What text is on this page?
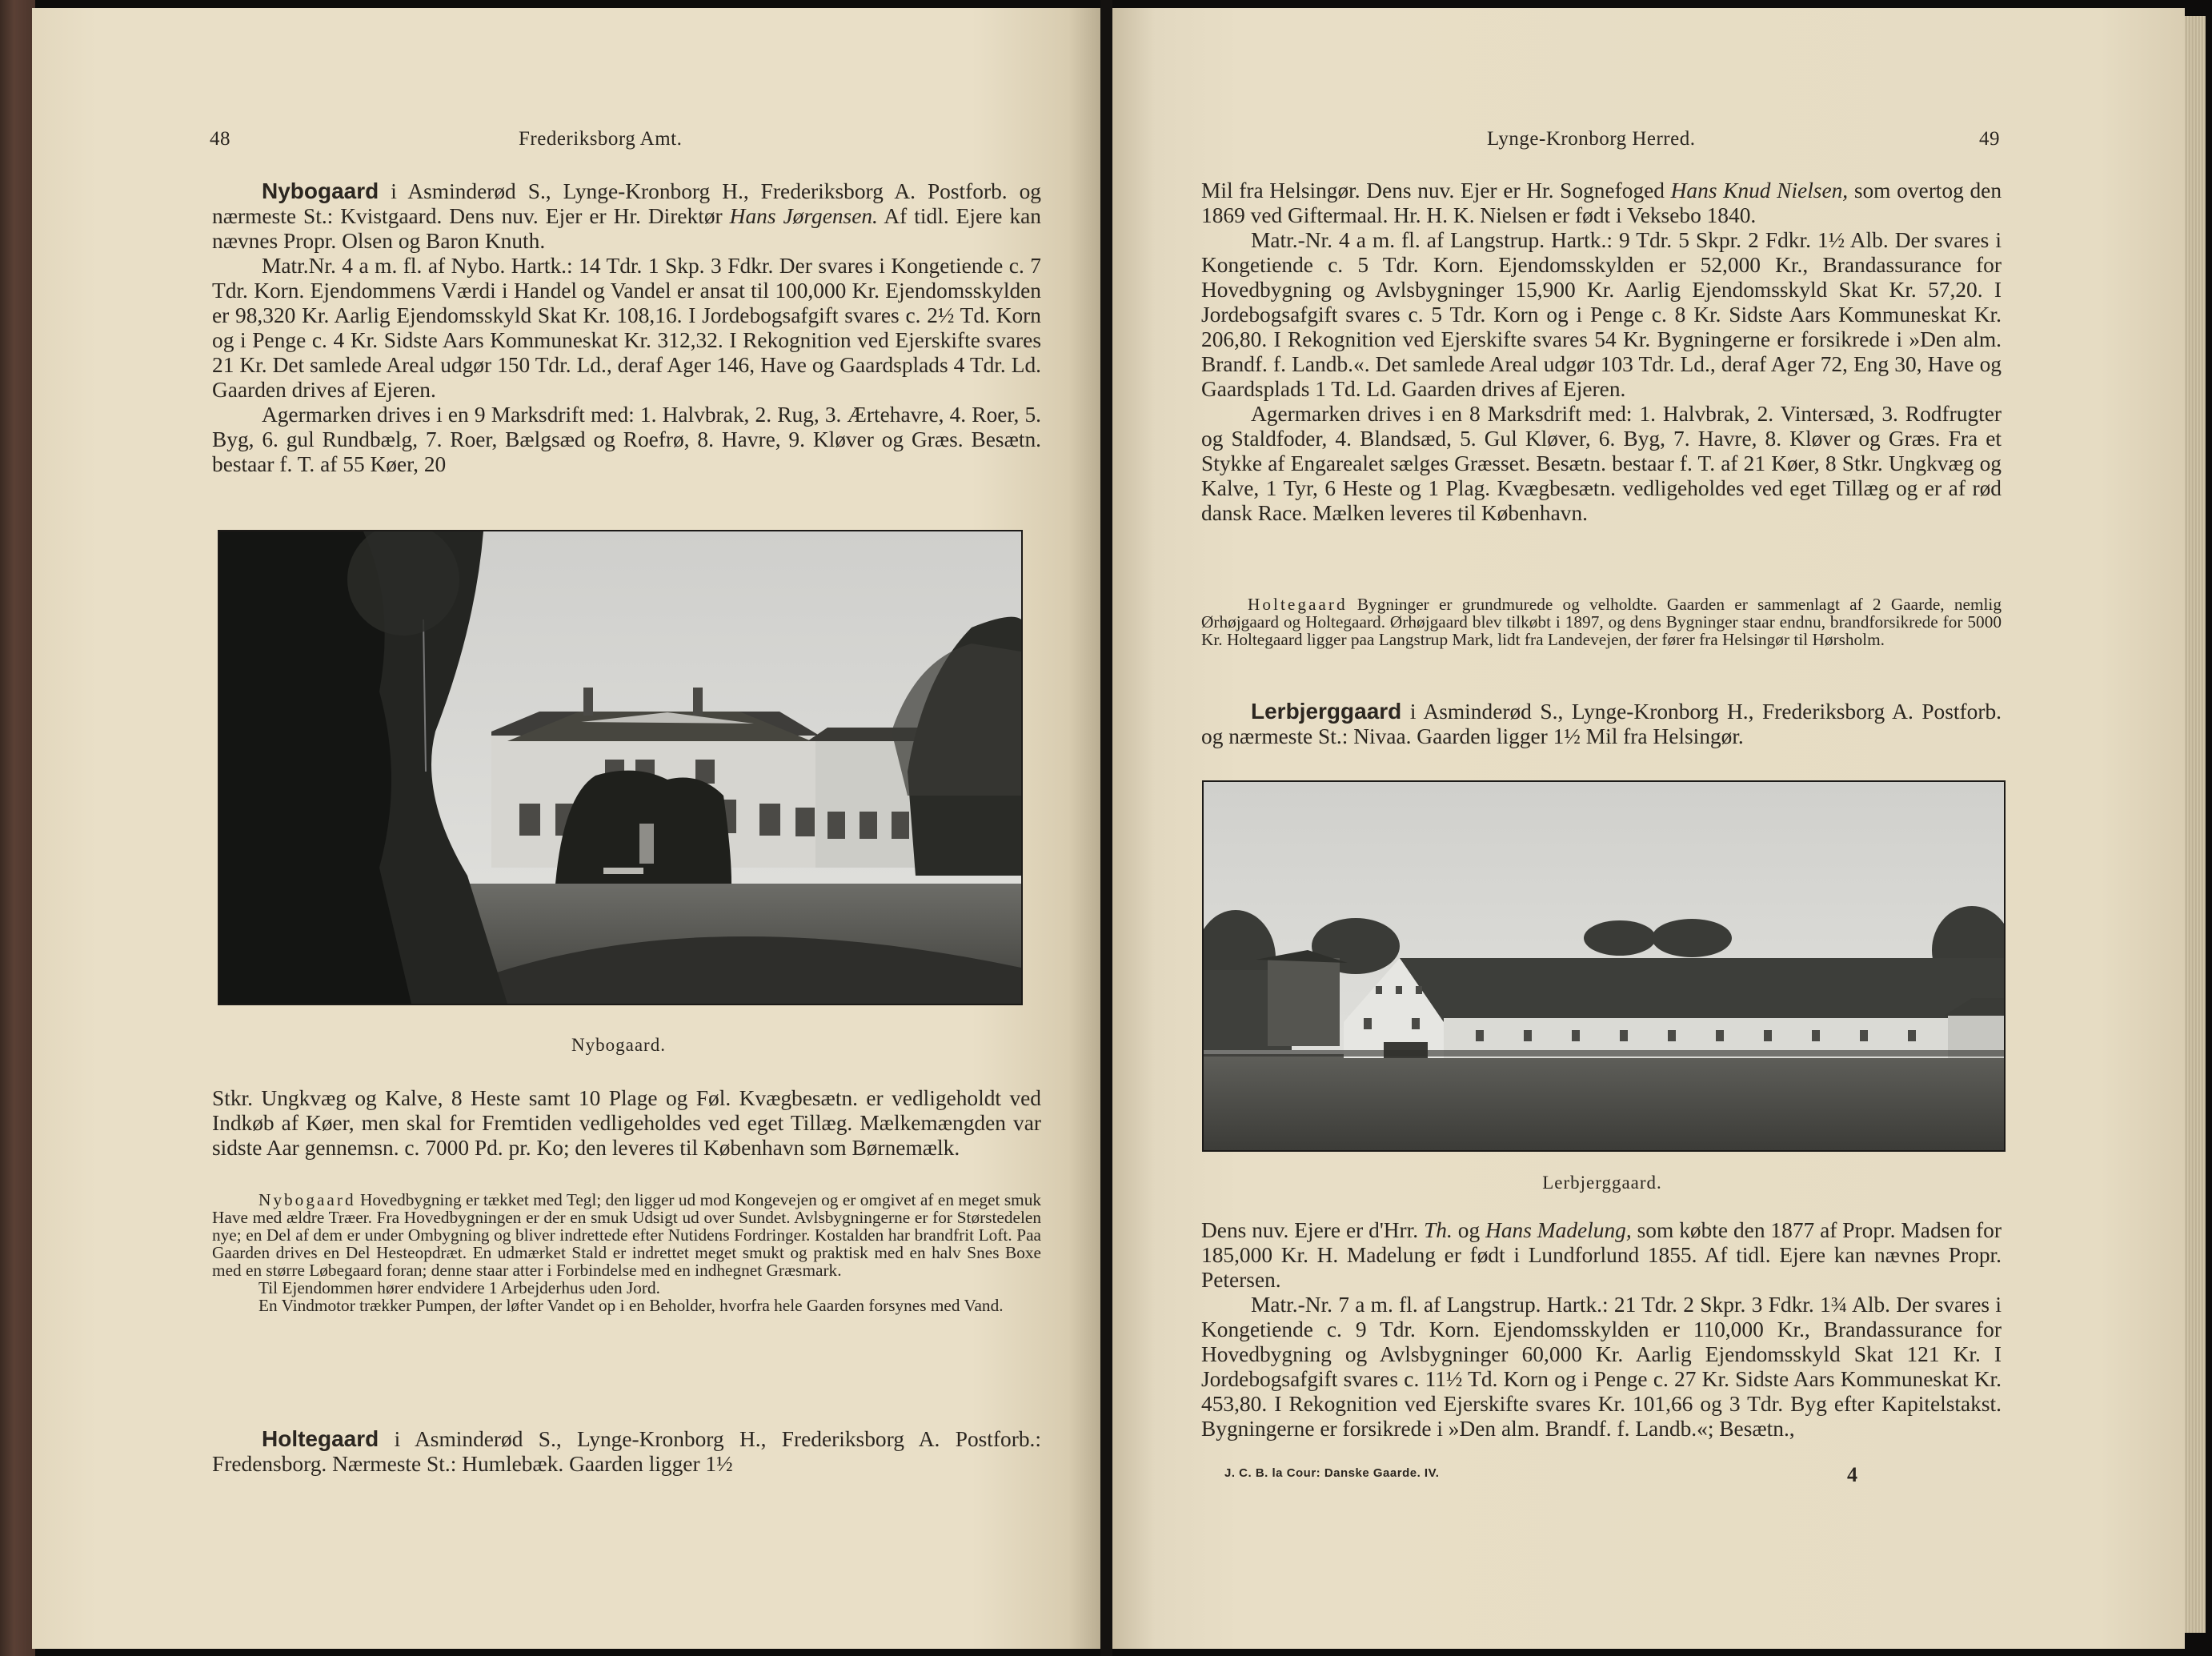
48	Frederiksborg Amt.

Nybogaard i Asminderød S., Lynge-Kronborg H., Frederiksborg A. Postforb. og nærmeste St.: Kvistgaard. Dens nuv. Ejer er Hr. Direktør Hans Jørgensen. Af tidl. Ejere kan nævnes Propr. Olsen og Baron Knuth.

Matr.Nr. 4 a m. fl. af Nybo. Hartk.: 14 Tdr. 1 Skp. 3 Fdkr. Der svares i Kongetiende c. 7 Tdr. Korn. Ejendommens Værdi i Handel og Vandel er ansat til 100,000 Kr. Ejendomsskylden er 98,320 Kr. Aarlig Ejendomsskyld Skat Kr. 108,16. I Jordebogsafgift svares c. 2½ Td. Korn og i Penge c. 4 Kr. Sidste Aars Kommuneskat Kr. 312,32. I Rekognition ved Ejerskifte svares 21 Kr. Det samlede Areal udgør 150 Tdr. Ld., deraf Ager 146, Have og Gaardsplads 4 Tdr. Ld. Gaarden drives af Ejeren.

Agermarken drives i en 9 Marksdrift med: 1. Halvbrak, 2. Rug, 3. Ærtehavre, 4. Roer, 5. Byg, 6. gul Rundbælg, 7. Roer, Bælgsæd og Roefrø, 8. Havre, 9. Kløver og Græs. Besætn. bestaar f. T. af 55 Køer, 20

Nybogaard.

Stkr. Ungkvæg og Kalve, 8 Heste samt 10 Plage og Føl. Kvægbesætn. er vedligeholdt ved Indkøb af Køer, men skal for Fremtiden vedligeholdes ved eget Tillæg. Mælkemængden var sidste Aar gennemsn. c. 7000 Pd. pr. Ko; den leveres til København som Børnemælk.

Nybogaard Hovedbygning er tækket med Tegl; den ligger ud mod Kongevejen og er omgivet af en meget smuk Have med ældre Træer. Fra Hovedbygningen er der en smuk Udsigt ud over Sundet. Avlsbygningerne er for Størstedelen nye; en Del af dem er under Ombygning og bliver indrettede efter Nutidens Fordringer. Kostalden har brandfrit Loft. Paa Gaarden drives en Del Hesteopdræt. En udmærket Stald er indrettet meget smukt og praktisk med en halv Snes Boxe med en større Løbegaard foran; denne staar atter i Forbindelse med en indhegnet Græsmark.

Til Ejendommen hører endvidere 1 Arbejderhus uden Jord.

En Vindmotor trækker Pumpen, der løfter Vandet op i en Beholder, hvorfra hele Gaarden forsynes med Vand.

Holtegaard i Asminderød S., Lynge-Kronborg H., Frederiksborg A. Postforb.: Fredensborg. Nærmeste St.: Humlebæk. Gaarden ligger 1½

Lynge-Kronborg Herred.	49

Mil fra Helsingør. Dens nuv. Ejer er Hr. Sognefoged Hans Knud Nielsen, som overtog den 1869 ved Giftermaal. Hr. H. K. Nielsen er født i Veksebo 1840.

Matr.-Nr. 4 a m. fl. af Langstrup. Hartk.: 9 Tdr. 5 Skpr. 2 Fdkr. 1½ Alb. Der svares i Kongetiende c. 5 Tdr. Korn. Ejendomsskylden er 52,000 Kr., Brandassurance for Hovedbygning og Avlsbygninger 15,900 Kr. Aarlig Ejendomsskyld Skat Kr. 57,20. I Jordebogsafgift svares c. 5 Tdr. Korn og i Penge c. 8 Kr. Sidste Aars Kommuneskat Kr. 206,80. I Rekognition ved Ejerskifte svares 54 Kr. Bygningerne er forsikrede i »Den alm. Brandf. f. Landb.«. Det samlede Areal udgør 103 Tdr. Ld., deraf Ager 72, Eng 30, Have og Gaardsplads 1 Td. Ld. Gaarden drives af Ejeren.

Agermarken drives i en 8 Marksdrift med: 1. Halvbrak, 2. Vintersæd, 3. Rodfrugter og Staldfoder, 4. Blandsæd, 5. Gul Kløver, 6. Byg, 7. Havre, 8. Kløver og Græs. Fra et Stykke af Engarealet sælges Græsset. Besætn. bestaar f. T. af 21 Køer, 8 Stkr. Ungkvæg og Kalve, 1 Tyr, 6 Heste og 1 Plag. Kvægbesætn. vedligeholdes ved eget Tillæg og er af rød dansk Race. Mælken leveres til København.

Holtegaard Bygninger er grundmurede og velholdte. Gaarden er sammenlagt af 2 Gaarde, nemlig Ørhøjgaard og Holtegaard. Ørhøjgaard blev tilkøbt i 1897, og dens Bygninger staar endnu, brandforsikrede for 5000 Kr. Holtegaard ligger paa Langstrup Mark, lidt fra Landevejen, der fører fra Helsingør til Hørsholm.

Lerbjerggaard i Asminderød S., Lynge-Kronborg H., Frederiksborg A. Postforb. og nærmeste St.: Nivaa. Gaarden ligger 1½ Mil fra Helsingør.

Lerbjerggaard.

Dens nuv. Ejere er d'Hrr. Th. og Hans Madelung, som købte den 1877 af Propr. Madsen for 185,000 Kr. H. Madelung er født i Lundforlund 1855. Af tidl. Ejere kan nævnes Propr. Petersen.

Matr.-Nr. 7 a m. fl. af Langstrup. Hartk.: 21 Tdr. 2 Skpr. 3 Fdkr. 1¾ Alb. Der svares i Kongetiende c. 9 Tdr. Korn. Ejendomsskylden er 110,000 Kr., Brandassurance for Hovedbygning og Avlsbygninger 60,000 Kr. Aarlig Ejendomsskyld Skat 121 Kr. I Jordebogsafgift svares c. 11½ Td. Korn og i Penge c. 27 Kr. Sidste Aars Kommuneskat Kr. 453,80. I Rekognition ved Ejerskifte svares Kr. 101,66 og 3 Tdr. Byg efter Kapitelstakst. Bygningerne er forsikrede i »Den alm. Brandf. f. Landb.«; Besætn.,

J. C. B. la Cour: Danske Gaarde. IV.	4
